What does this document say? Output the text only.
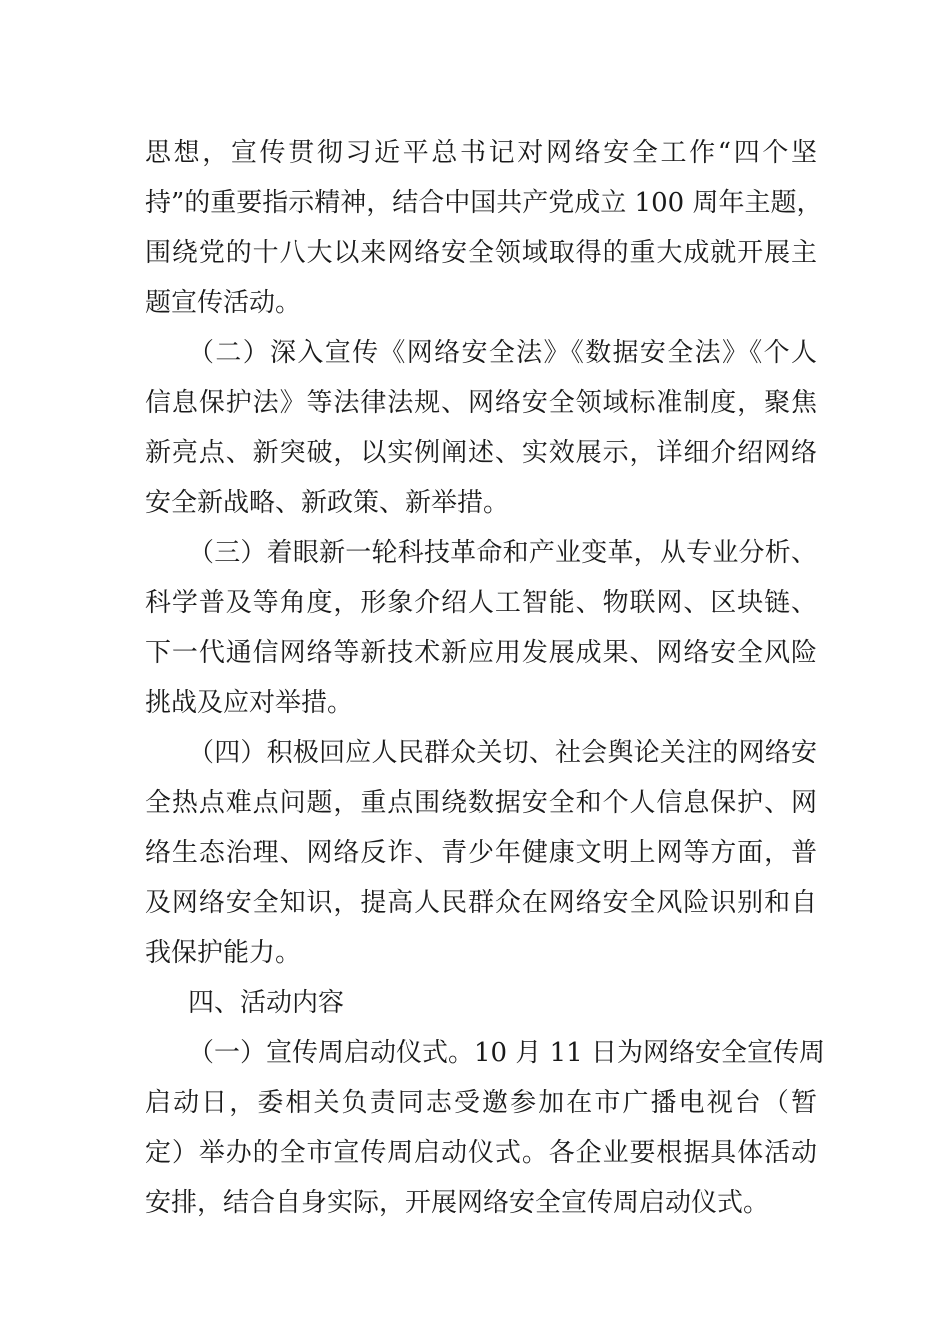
思想，宣传贯彻习近平总书记对网络安全工作“四个坚
持”的重要指示精神，结合中国共产党成立 100 周年主题，
围绕党的十八大以来网络安全领域取得的重大成就开展主
题宣传活动。
（二）深入宣传《网络安全法》《数据安全法》《个人
信息保护法》等法律法规、网络安全领域标准制度，聚焦
新亮点、新突破，以实例阐述、实效展示，详细介绍网络
安全新战略、新政策、新举措。
（三）着眼新一轮科技革命和产业变革，从专业分析、
科学普及等角度，形象介绍人工智能、物联网、区块链、
下一代通信网络等新技术新应用发展成果、网络安全风险
挑战及应对举措。
（四）积极回应人民群众关切、社会舆论关注的网络安
全热点难点问题，重点围绕数据安全和个人信息保护、网
络生态治理、网络反诈、青少年健康文明上网等方面，普
及网络安全知识，提高人民群众在网络安全风险识别和自
我保护能力。
四、活动内容
（一）宣传周启动仪式。10 月 11 日为网络安全宣传周
启动日，委相关负责同志受邀参加在市广播电视台（暂
定）举办的全市宣传周启动仪式。各企业要根据具体活动
安排，结合自身实际，开展网络安全宣传周启动仪式。
